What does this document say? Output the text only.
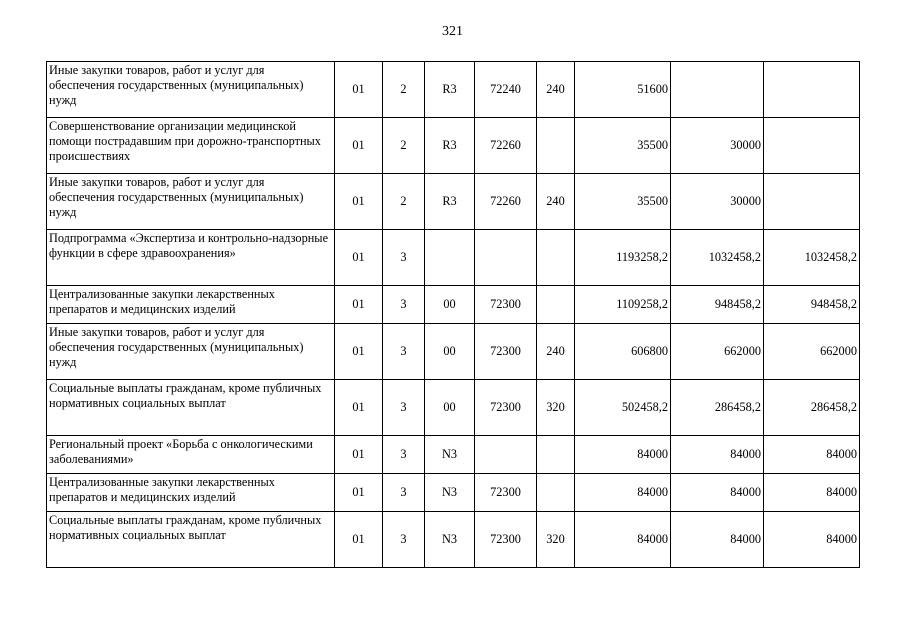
321
Иные закупки товаров, работ и услуг для обеспечения государственных (муниципальных) нужд	01	2	R3	72240	240	51600		
Совершенствование организации медицинской помощи пострадавшим при дорожно-транспортных происшествиях	01	2	R3	72260		35500	30000	
Иные закупки товаров, работ и услуг для обеспечения государственных (муниципальных) нужд	01	2	R3	72260	240	35500	30000	
Подпрограмма «Экспертиза и контрольно-надзорные функции в сфере здравоохранения»	01	3				1193258,2	1032458,2	1032458,2
Централизованные закупки лекарственных препаратов и медицинских изделий	01	3	00	72300		1109258,2	948458,2	948458,2
Иные закупки товаров, работ и услуг для обеспечения государственных (муниципальных) нужд	01	3	00	72300	240	606800	662000	662000
Социальные выплаты гражданам, кроме публичных нормативных социальных выплат	01	3	00	72300	320	502458,2	286458,2	286458,2
Региональный проект «Борьба с онкологическими заболеваниями»	01	3	N3			84000	84000	84000
Централизованные закупки лекарственных препаратов и медицинских изделий	01	3	N3	72300		84000	84000	84000
Социальные выплаты гражданам, кроме публичных нормативных социальных выплат	01	3	N3	72300	320	84000	84000	84000
